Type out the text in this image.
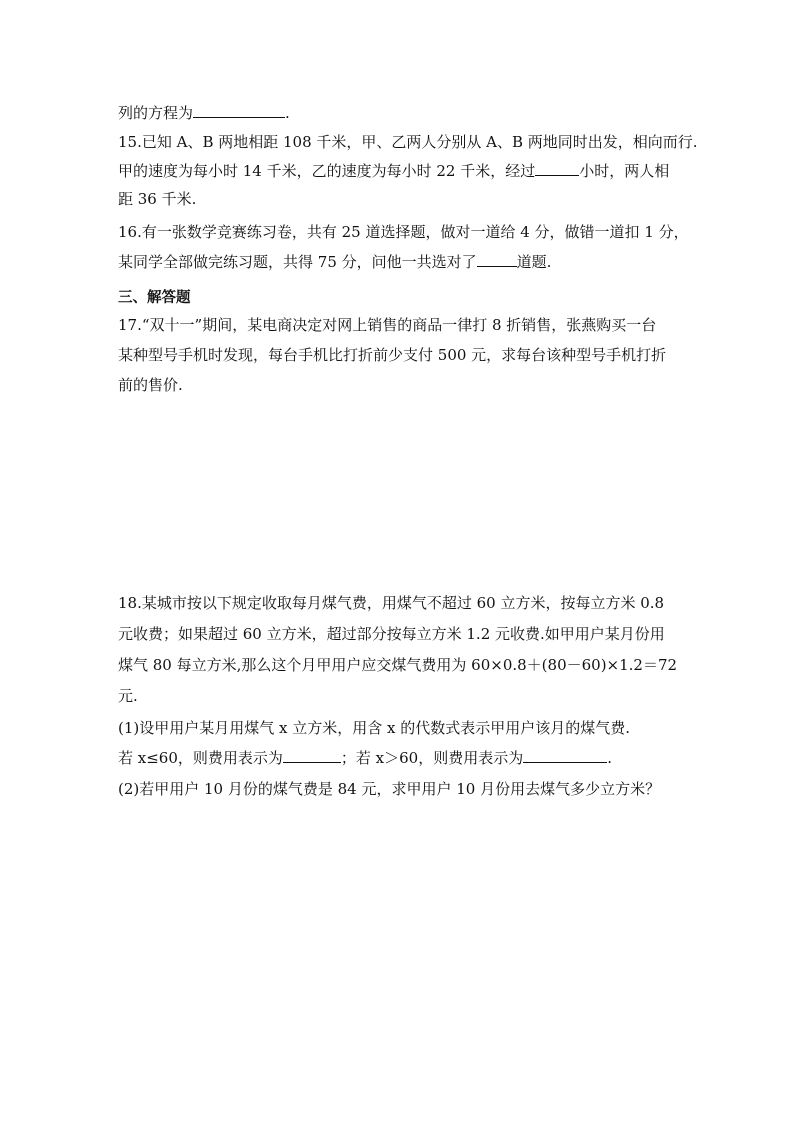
列的方程为	.
15.已知 A、B 两地相距 108 千米，甲、乙两人分别从 A、B 两地同时出发，相向而行.
甲的速度为每小时 14 千米，乙的速度为每小时 22 千米，经过	小时，两人相
距 36 千米.
16.有一张数学竞赛练习卷，共有 25 道选择题，做对一道给 4 分，做错一道扣 1 分，
某同学全部做完练习题，共得 75 分，问他一共选对了	道题.
三、解答题
17.“双十一”期间，某电商决定对网上销售的商品一律打 8 折销售，张燕购买一台
某种型号手机时发现，每台手机比打折前少支付 500 元，求每台该种型号手机打折
前的售价.
18.某城市按以下规定收取每月煤气费，用煤气不超过 60 立方米，按每立方米 0.8
元收费；如果超过 60 立方米，超过部分按每立方米 1.2 元收费.如甲用户某月份用
煤气 80 每立方米,那么这个月甲用户应交煤气费用为 60×0.8＋(80－60)×1.2＝72
元.
(1)设甲用户某月用煤气 x 立方米，用含 x 的代数式表示甲用户该月的煤气费.
若 x≤60，则费用表示为	；若 x＞60，则费用表示为	.
(2)若甲用户 10 月份的煤气费是 84 元，求甲用户 10 月份用去煤气多少立方米？
